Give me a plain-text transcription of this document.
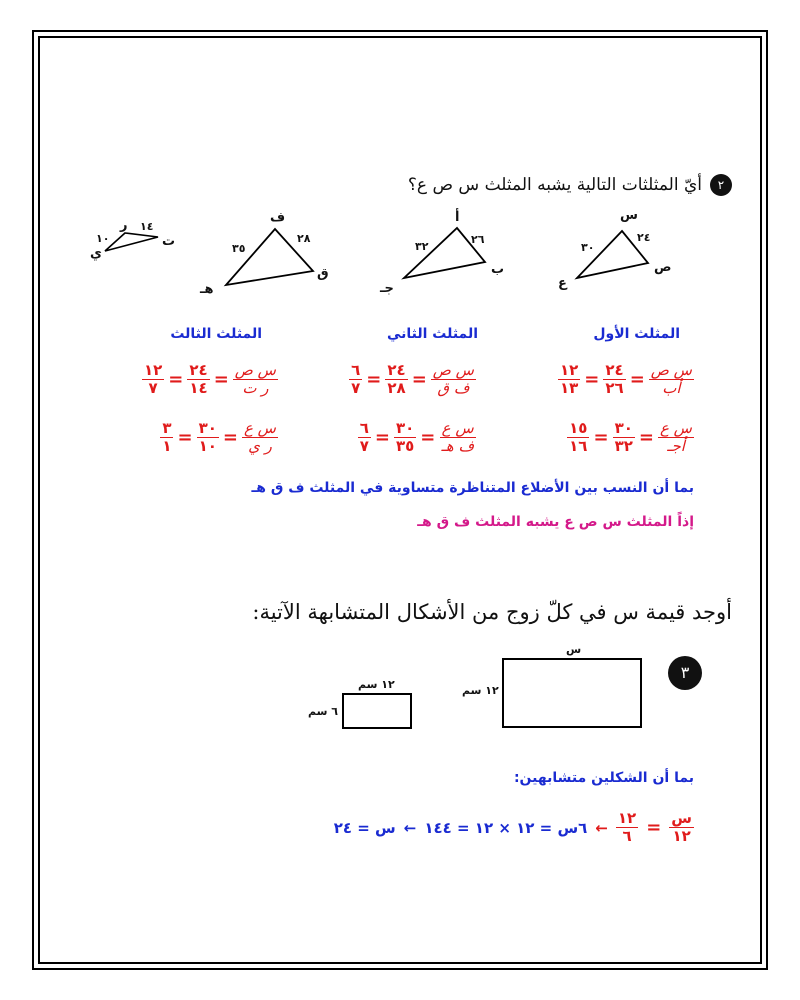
٢
أيّ المثلثات التالية يشبه المثلث س ص ع؟
س
ص
ع
٢٤
٣٠
أ
ب
جـ
٢٦
٣٢
ف
ق
هـ
٢٨
٣٥
ر
ت
ي
١٤
١٠
المثلث الأول
المثلث الثاني
المثلث الثالث
$\frac{\text{س ص}}{\text{أب}}$
=
$\frac{٢٤}{٢٦}$
=
$\frac{١٢}{١٣}$
$\frac{\text{س ع}}{\text{أجـ}}$
=
$\frac{٣٠}{٣٢}$
=
$\frac{١٥}{١٦}$
$\frac{\text{س ص}}{\text{ف ق}}$
=
$\frac{٢٤}{٢٨}$
=
$\frac{٦}{٧}$
$\frac{\text{س ع}}{\text{ف هـ}}$
=
$\frac{٣٠}{٣٥}$
=
$\frac{٦}{٧}$
$\frac{\text{س ص}}{\text{ر ت}}$
=
$\frac{٢٤}{١٤}$
=
$\frac{١٢}{٧}$
$\frac{\text{س ع}}{\text{ر ي}}$
=
$\frac{٣٠}{١٠}$
=
$\frac{٣}{١}$
بما أن النسب بين الأضلاع المتناظرة متساوية في المثلث ف ق هـ
إذاً المثلث س ص ع يشبه المثلث ف ق هـ
أوجد قيمة س في كلّ زوج من الأشكال المتشابهة الآتية:
٣
س
١٢ سم
١٢ سم
٦ سم
بما أن الشكلين متشابهين:
$\frac{\text{س}}{١٢}$
=
$\frac{١٢}{٦}$
←
٦س = ١٢ × ١٢ = ١٤٤
←
س = ٢٤
